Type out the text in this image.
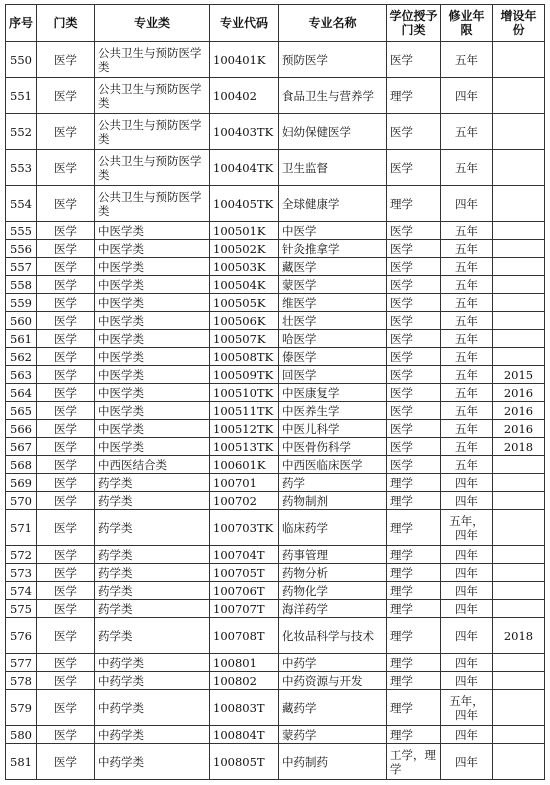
序号	门类	专业类	专业代码	专业名称	学位授予门类	修业年限	增设年份
550	医学	公共卫生与预防医学类	100401K	预防医学	医学	五年	
551	医学	公共卫生与预防医学类	100402	食品卫生与营养学	理学	四年	
552	医学	公共卫生与预防医学类	100403TK	妇幼保健医学	医学	五年	
553	医学	公共卫生与预防医学类	100404TK	卫生监督	医学	五年	
554	医学	公共卫生与预防医学类	100405TK	全球健康学	理学	四年	
555	医学	中医学类	100501K	中医学	医学	五年	
556	医学	中医学类	100502K	针灸推拿学	医学	五年	
557	医学	中医学类	100503K	藏医学	医学	五年	
558	医学	中医学类	100504K	蒙医学	医学	五年	
559	医学	中医学类	100505K	维医学	医学	五年	
560	医学	中医学类	100506K	壮医学	医学	五年	
561	医学	中医学类	100507K	哈医学	医学	五年	
562	医学	中医学类	100508TK	傣医学	医学	五年	
563	医学	中医学类	100509TK	回医学	医学	五年	2015
564	医学	中医学类	100510TK	中医康复学	医学	五年	2016
565	医学	中医学类	100511TK	中医养生学	医学	五年	2016
566	医学	中医学类	100512TK	中医儿科学	医学	五年	2016
567	医学	中医学类	100513TK	中医骨伤科学	医学	五年	2018
568	医学	中西医结合类	100601K	中西医临床医学	医学	五年	
569	医学	药学类	100701	药学	理学	四年	
570	医学	药学类	100702	药物制剂	理学	四年	
571	医学	药学类	100703TK	临床药学	理学	五年，四年	
572	医学	药学类	100704T	药事管理	理学	四年	
573	医学	药学类	100705T	药物分析	理学	四年	
574	医学	药学类	100706T	药物化学	理学	四年	
575	医学	药学类	100707T	海洋药学	理学	四年	
576	医学	药学类	100708T	化妆品科学与技术	理学	四年	2018
577	医学	中药学类	100801	中药学	理学	四年	
578	医学	中药学类	100802	中药资源与开发	理学	四年	
579	医学	中药学类	100803T	藏药学	理学	五年，四年	
580	医学	中药学类	100804T	蒙药学	理学	四年	
581	医学	中药学类	100805T	中药制药	工学，理学	四年	
